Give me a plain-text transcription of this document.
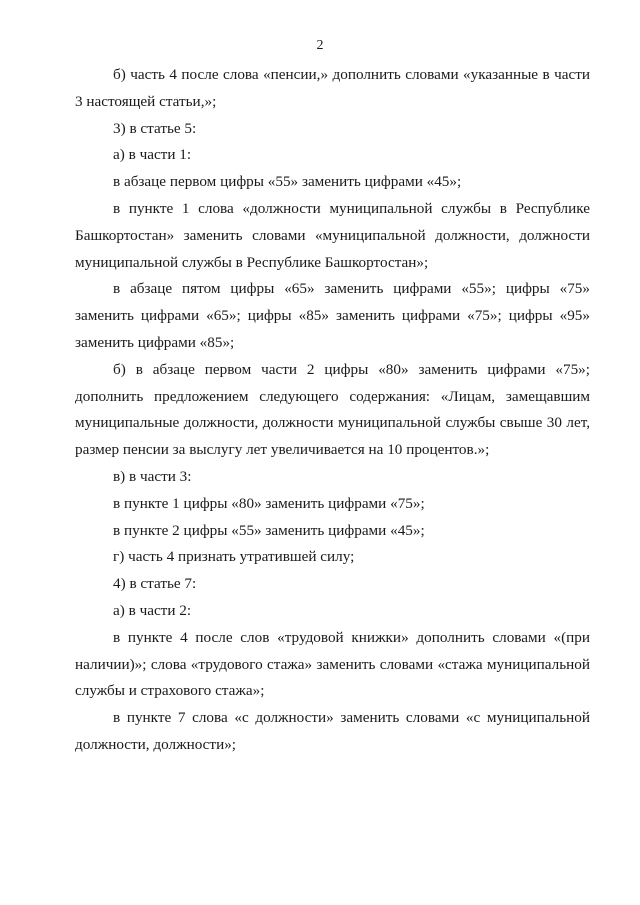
2

б) часть 4 после слова «пенсии,» дополнить словами «указанные в части 3 настоящей статьи,»;

3) в статье 5:

а) в части 1:

в абзаце первом цифры «55» заменить цифрами «45»;

в пункте 1 слова «должности муниципальной службы в Республике Башкортостан» заменить словами «муниципальной должности, должности муниципальной службы в Республике Башкортостан»;

в абзаце пятом цифры «65» заменить цифрами «55»; цифры «75» заменить цифрами «65»; цифры «85» заменить цифрами «75»; цифры «95» заменить цифрами «85»;

б) в абзаце первом части 2 цифры «80» заменить цифрами «75»; дополнить предложением следующего содержания: «Лицам, замещавшим муниципальные должности, должности муниципальной службы свыше 30 лет, размер пенсии за выслугу лет увеличивается на 10 процентов.»;

в) в части 3:

в пункте 1 цифры «80» заменить цифрами «75»;

в пункте 2 цифры «55» заменить цифрами «45»;

г) часть 4 признать утратившей силу;

4) в статье 7:

а) в части 2:

в пункте 4 после слов «трудовой книжки» дополнить словами «(при наличии)»; слова «трудового стажа» заменить словами «стажа муниципальной службы и страхового стажа»;

в пункте 7 слова «с должности» заменить словами «с муниципальной должности, должности»;
